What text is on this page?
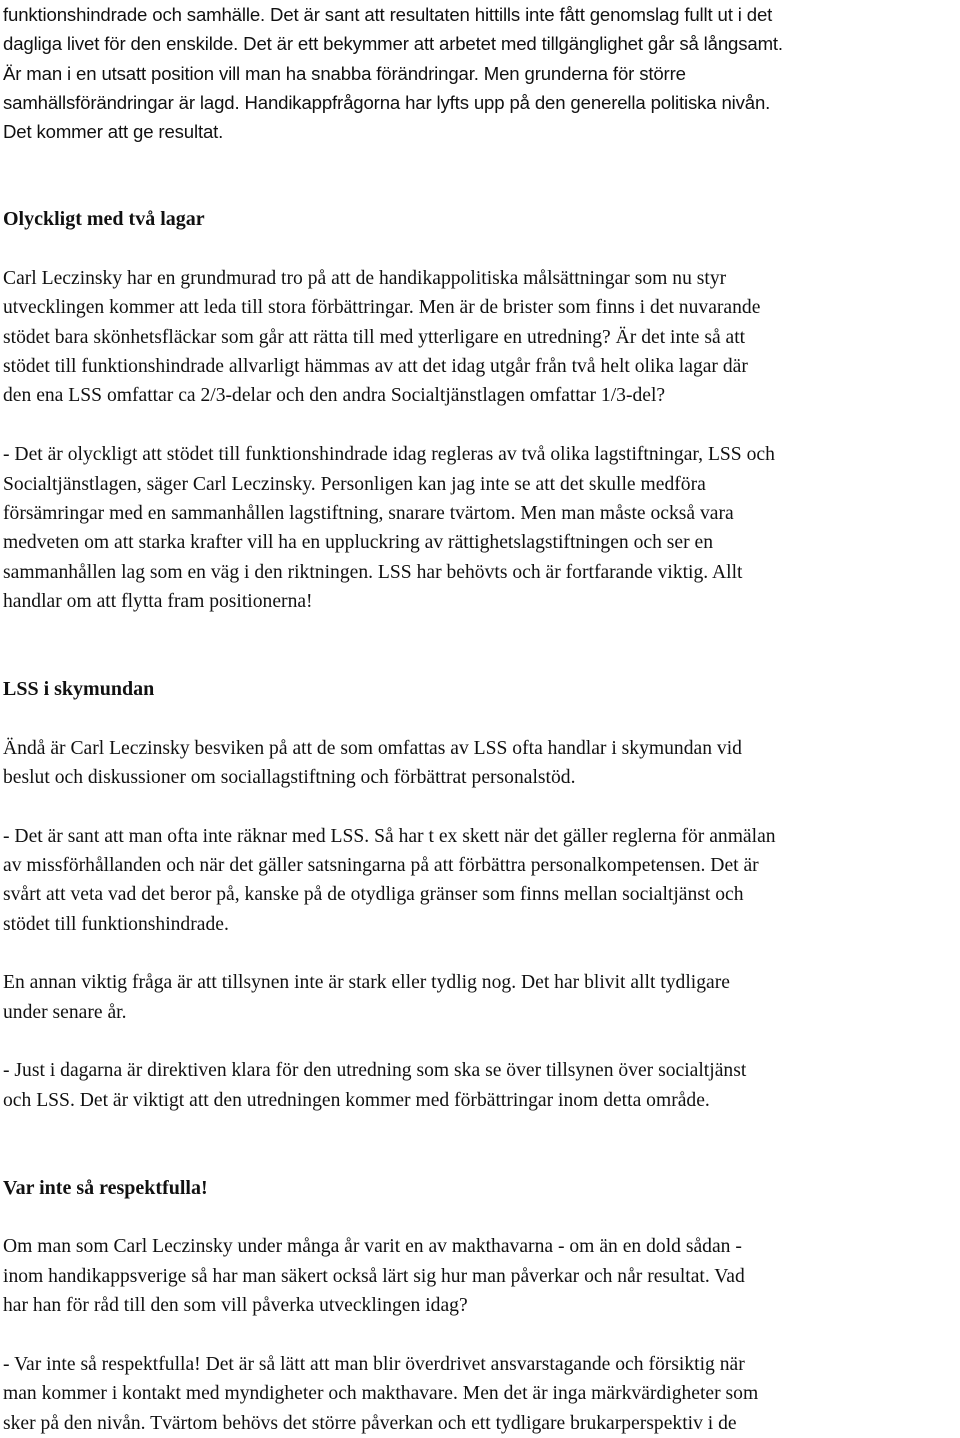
funktionshindrade och samhälle. Det är sant att resultaten hittills inte fått genomslag fullt ut i det
dagliga livet för den enskilde. Det är ett bekymmer att arbetet med tillgänglighet går så långsamt.
Är man i en utsatt position vill man ha snabba förändringar. Men grunderna för större
samhällsförändringar är lagd. Handikappfrågorna har lyfts upp på den generella politiska nivån.
Det kommer att ge resultat.
Olyckligt med två lagar
Carl Leczinsky har en grundmurad tro på att de handikappolitiska målsättningar som nu styr
utvecklingen kommer att leda till stora förbättringar. Men är de brister som finns i det nuvarande
stödet bara skönhetsfläckar som går att rätta till med ytterligare en utredning? Är det inte så att
stödet till funktionshindrade allvarligt hämmas av att det idag utgår från två helt olika lagar där
den ena LSS omfattar ca 2/3-delar och den andra Socialtjänstlagen omfattar 1/3-del?
- Det är olyckligt att stödet till funktionshindrade idag regleras av två olika lagstiftningar, LSS och
Socialtjänstlagen, säger Carl Leczinsky. Personligen kan jag inte se att det skulle medföra
försämringar med en sammanhållen lagstiftning, snarare tvärtom. Men man måste också vara
medveten om att starka krafter vill ha en uppluckring av rättighetslagstiftningen och ser en
sammanhållen lag som en väg i den riktningen. LSS har behövts och är fortfarande viktig. Allt
handlar om att flytta fram positionerna!
LSS i skymundan
Ändå är Carl Leczinsky besviken på att de som omfattas av LSS ofta handlar i skymundan vid
beslut och diskussioner om sociallagstiftning och förbättrat personalstöd.
- Det är sant att man ofta inte räknar med LSS. Så har t ex skett när det gäller reglerna för anmälan
av missförhållanden och när det gäller satsningarna på att förbättra personalkompetensen. Det är
svårt att veta vad det beror på, kanske på de otydliga gränser som finns mellan socialtjänst och
stödet till funktionshindrade.
En annan viktig fråga är att tillsynen inte är stark eller tydlig nog. Det har blivit allt tydligare
under senare år.
- Just i dagarna är direktiven klara för den utredning som ska se över tillsynen över socialtjänst
och LSS. Det är viktigt att den utredningen kommer med förbättringar inom detta område.
Var inte så respektfulla!
Om man som Carl Leczinsky under många år varit en av makthavarna - om än en dold sådan -
inom handikappsverige så har man säkert också lärt sig hur man påverkar och når resultat. Vad
har han för råd till den som vill påverka utvecklingen idag?
- Var inte så respektfulla! Det är så lätt att man blir överdrivet ansvarstagande och försiktig när
man kommer i kontakt med myndigheter och makthavare. Men det är inga märkvärdigheter som
sker på den nivån. Tvärtom behövs det större påverkan och ett tydligare brukarperspektiv i de
